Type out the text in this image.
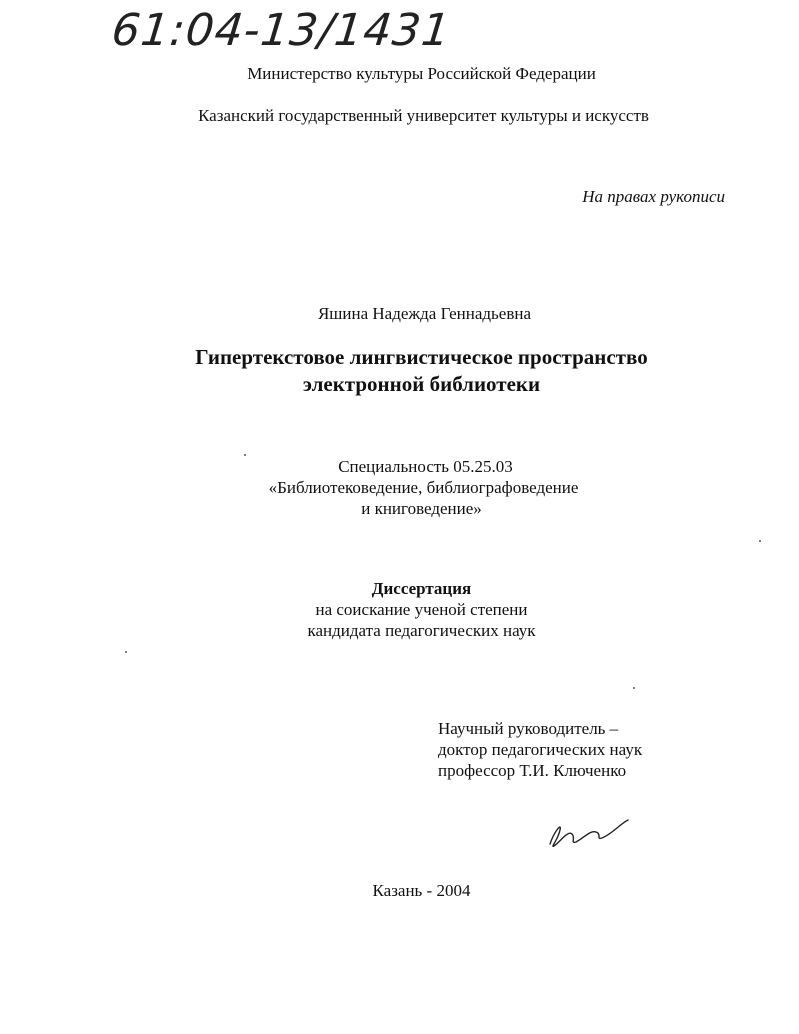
61:04-13/1431
Министерство культуры Российской Федерации
Казанский государственный университет культуры и искусств
На правах рукописи
Яшина Надежда Геннадьевна
Гипертекстовое лингвистическое пространство
электронной библиотеки
Специальность 05.25.03
«Библиотековедение, библиографоведение
и книговедение»
Диссертация
на соискание ученой степени
кандидата педагогических наук
Научный руководитель –
доктор педагогических наук
профессор Т.И. Ключенко
Казань - 2004
